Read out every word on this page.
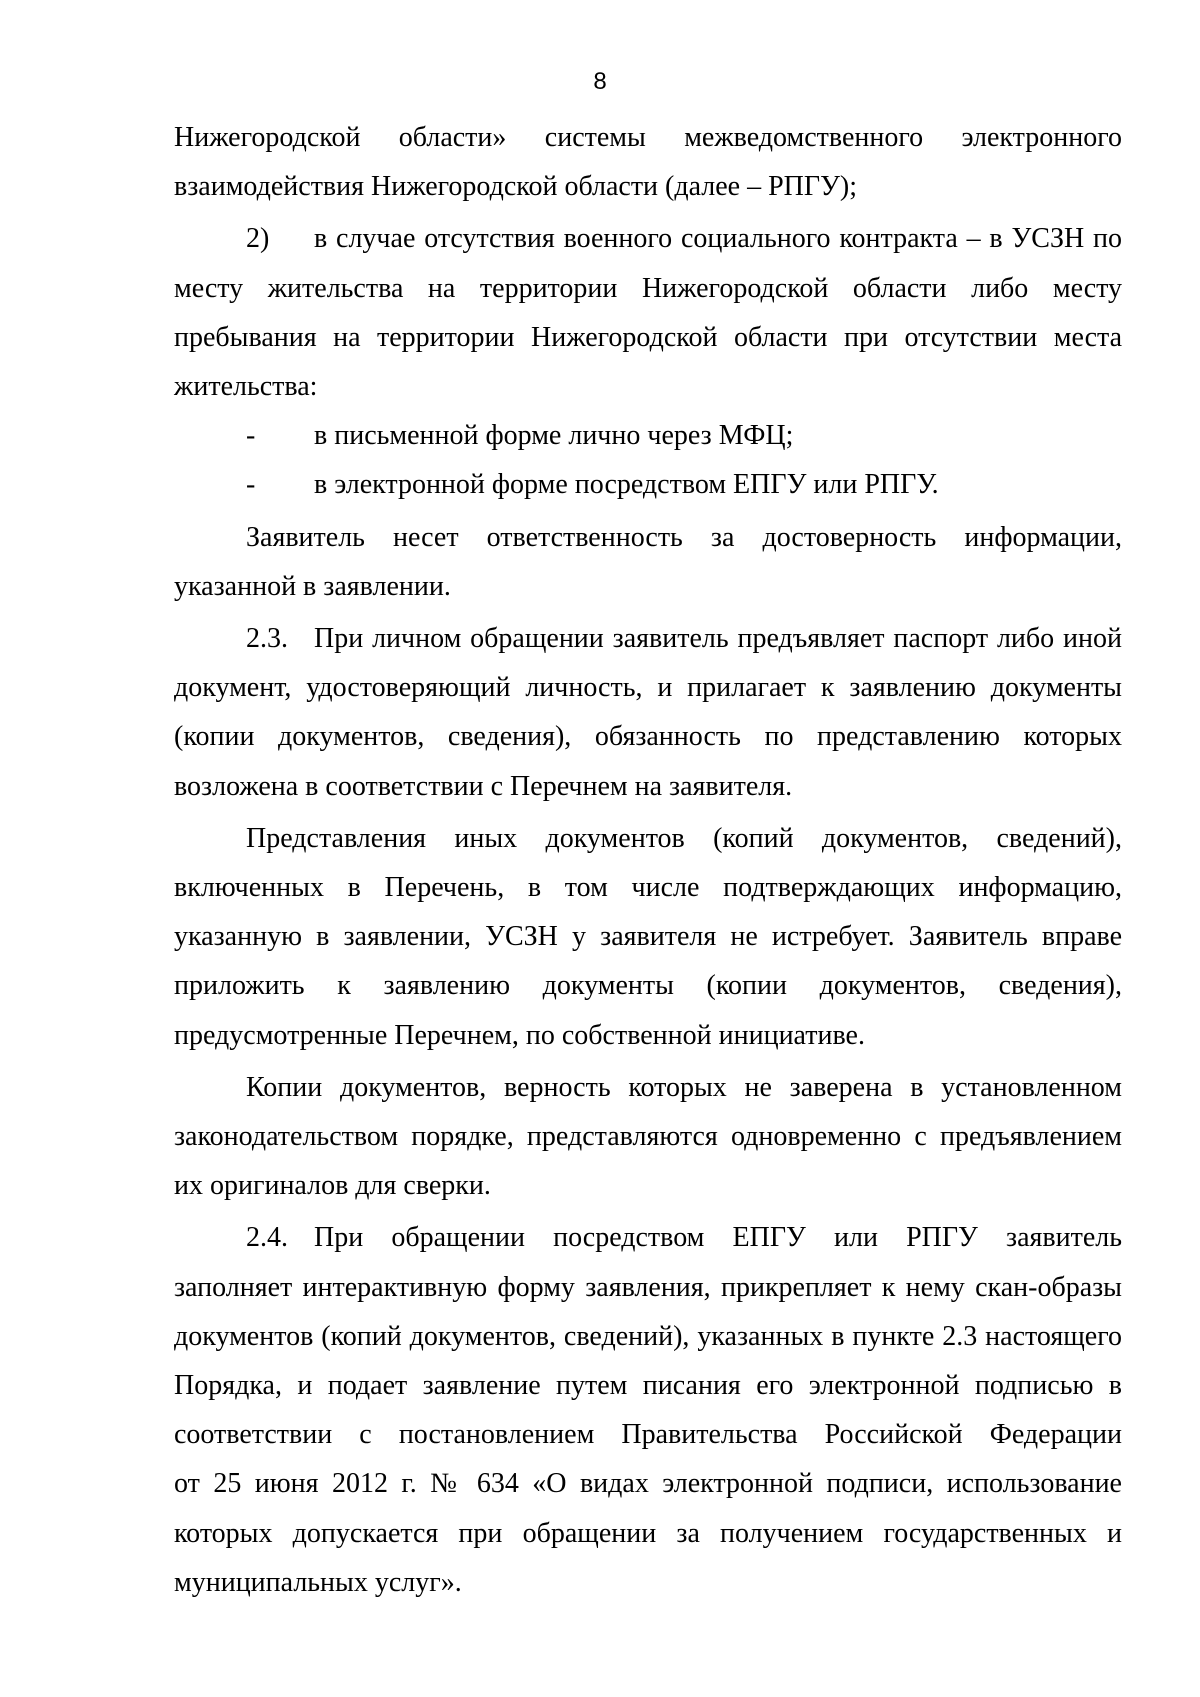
8
Нижегородской области» системы межведомственного электронного
взаимодействия Нижегородской области (далее – РПГУ);
2)	в случае отсутствия военного социального контракта – в УСЗН по
месту жительства на территории Нижегородской области либо месту
пребывания на территории Нижегородской области при отсутствии места
жительства:
-	в письменной форме лично через МФЦ;
-	в электронной форме посредством ЕПГУ или РПГУ.
Заявитель несет ответственность за достоверность информации,
указанной в заявлении.
2.3. При личном обращении заявитель предъявляет паспорт либо иной
документ, удостоверяющий личность, и прилагает к заявлению документы
(копии документов, сведения), обязанность по представлению которых
возложена в соответствии с Перечнем на заявителя.
Представления иных документов (копий документов, сведений),
включенных в Перечень, в том числе подтверждающих информацию,
указанную в заявлении, УСЗН у заявителя не истребует. Заявитель вправе
приложить к заявлению документы (копии документов, сведения),
предусмотренные Перечнем, по собственной инициативе.
Копии документов, верность которых не заверена в установленном
законодательством порядке, представляются одновременно с предъявлением
их оригиналов для сверки.
2.4. При обращении посредством ЕПГУ или РПГУ заявитель
заполняет интерактивную форму заявления, прикрепляет к нему скан-образы
документов (копий документов, сведений), указанных в пункте 2.3 настоящего
Порядка, и подает заявление путем писания его электронной подписью в
соответствии с постановлением Правительства Российской Федерации
от 25 июня 2012 г. № 634 «О видах электронной подписи, использование
которых допускается при обращении за получением государственных и
муниципальных услуг».
